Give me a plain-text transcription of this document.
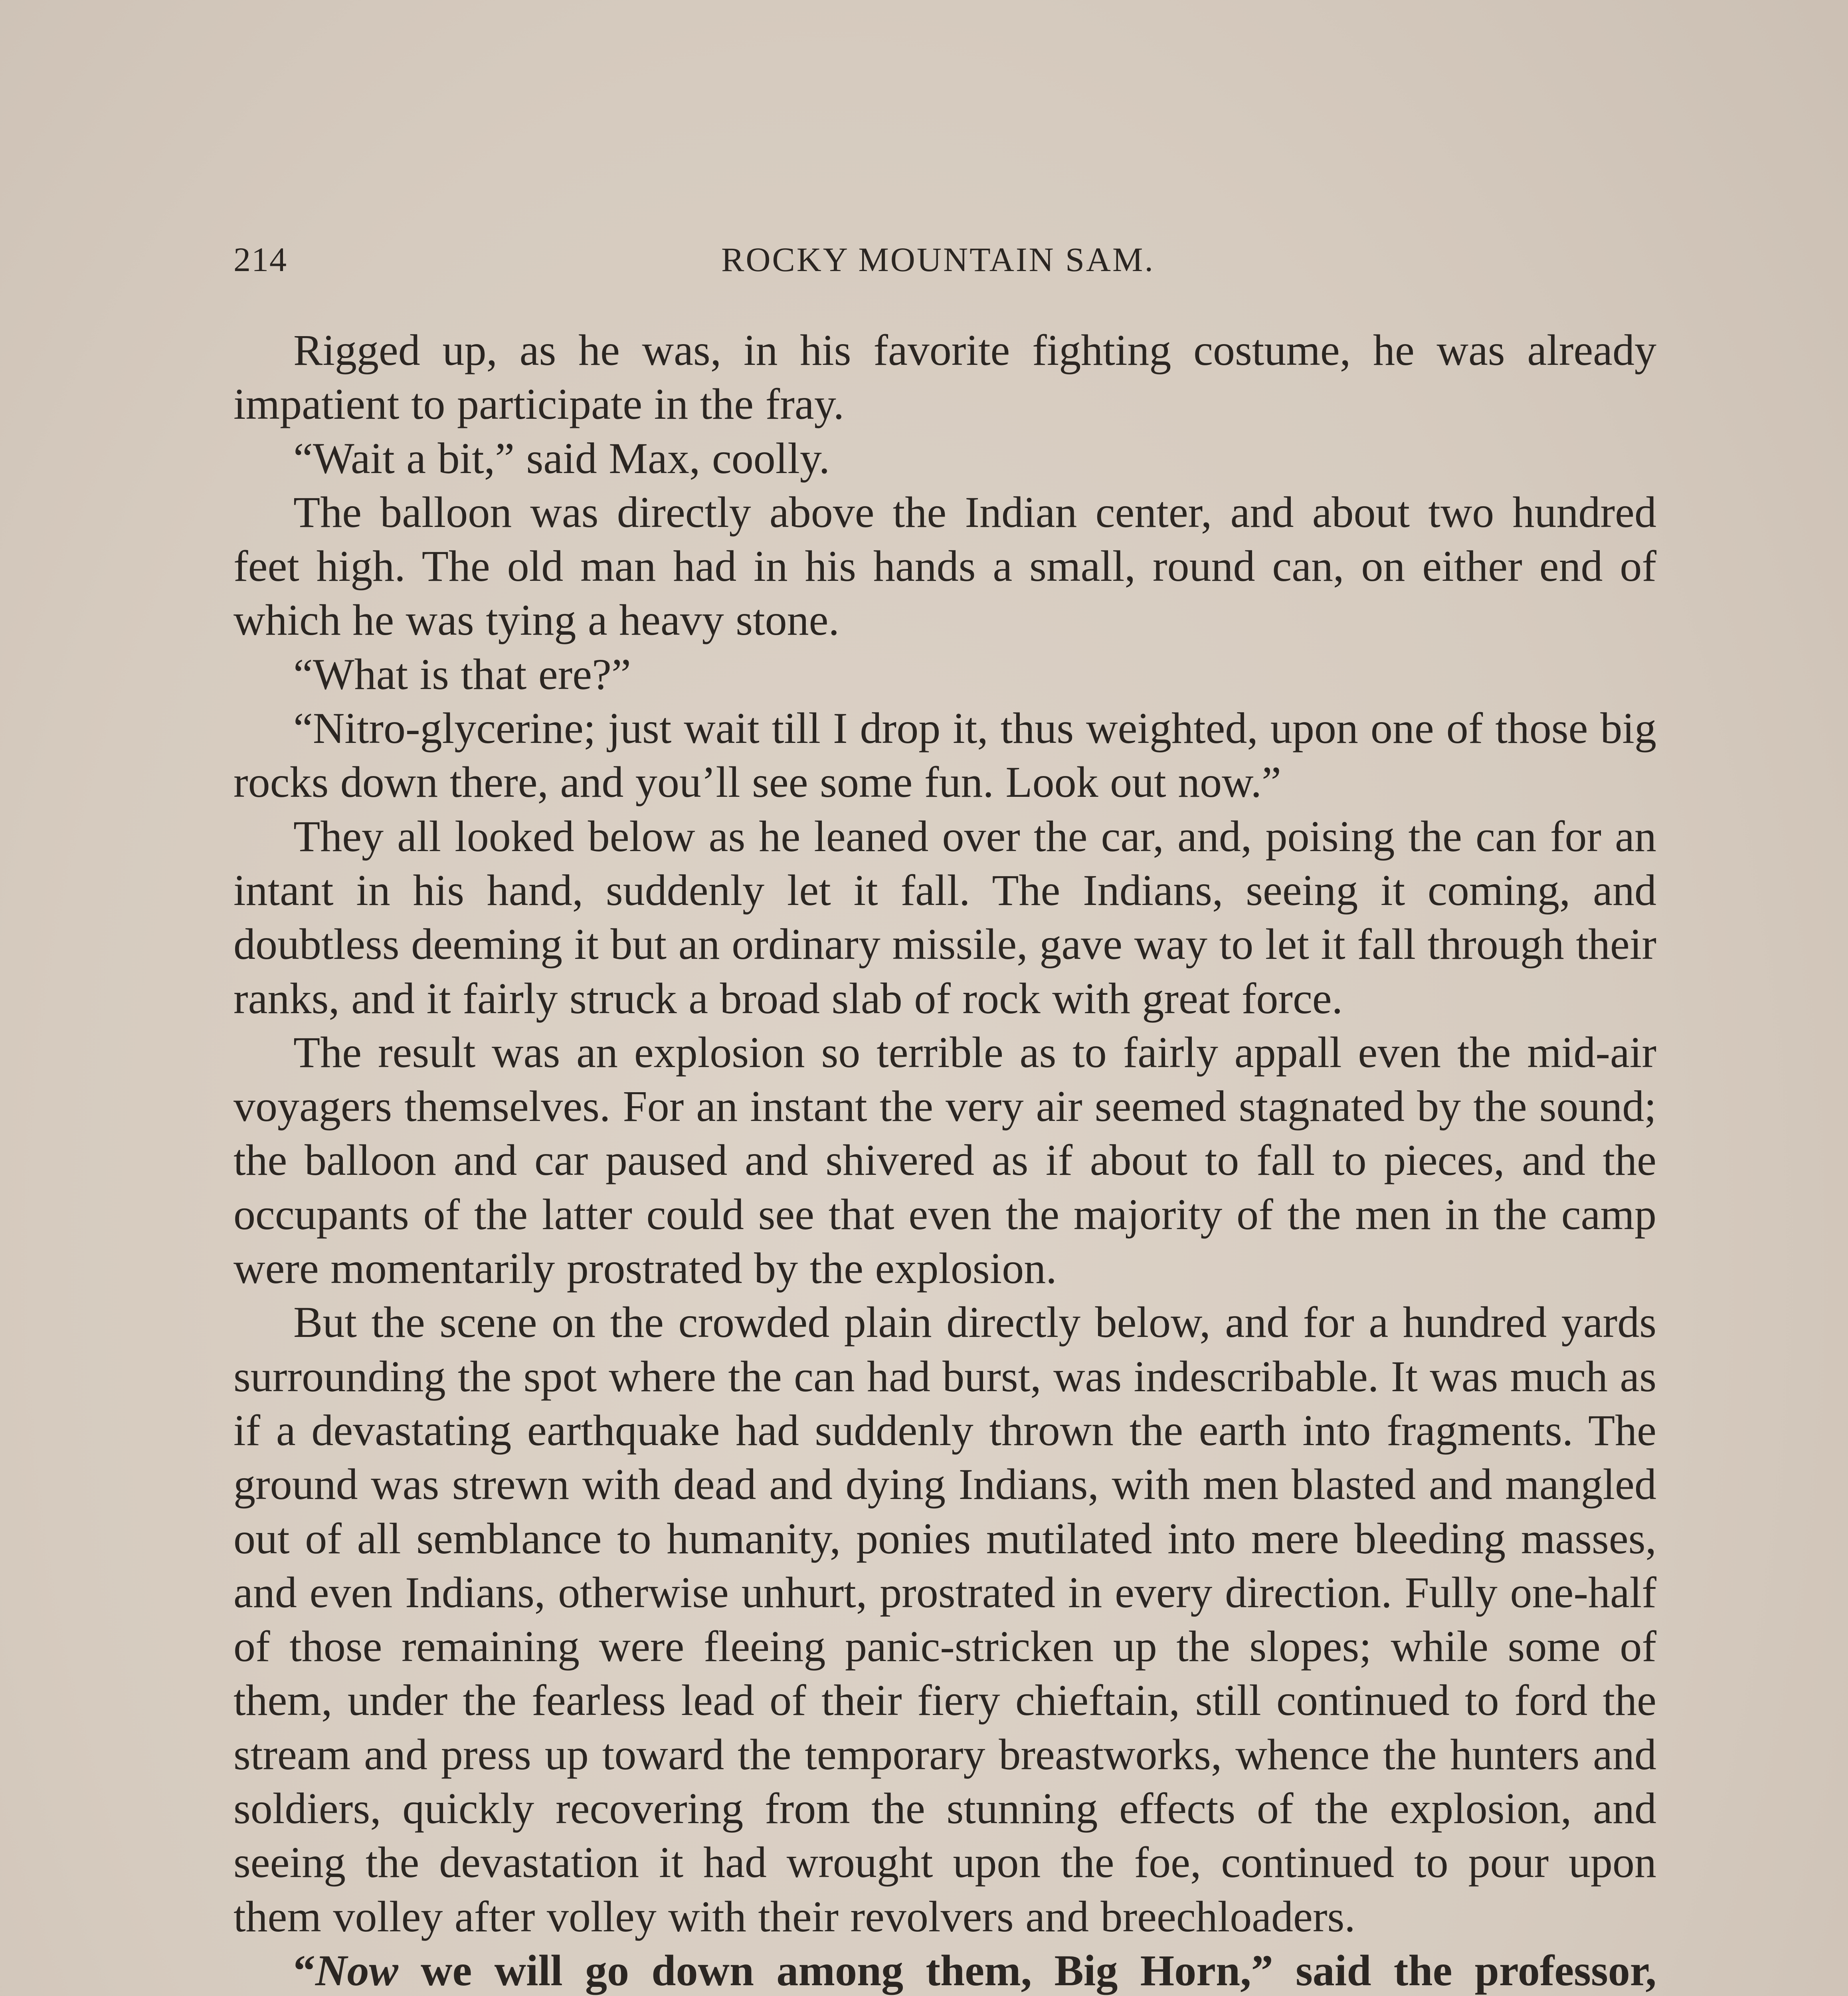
214	ROCKY MOUNTAIN SAM.

Rigged up, as he was, in his favorite fighting costume, he was already impatient to participate in the fray.

“Wait a bit,” said Max, coolly.

The balloon was directly above the Indian center, and about two hundred feet high. The old man had in his hands a small, round can, on either end of which he was tying a heavy stone.

“What is that ere?”

“Nitro-glycerine; just wait till I drop it, thus weighted, upon one of those big rocks down there, and you’ll see some fun. Look out now.”

They all looked below as he leaned over the car, and, poising the can for an intant in his hand, suddenly let it fall. The Indians, seeing it coming, and doubtless deeming it but an ordinary missile, gave way to let it fall through their ranks, and it fairly struck a broad slab of rock with great force.

The result was an explosion so terrible as to fairly appall even the mid-air voyagers themselves. For an instant the very air seemed stagnated by the sound; the balloon and car paused and shivered as if about to fall to pieces, and the occupants of the latter could see that even the majority of the men in the camp were momentarily prostrated by the explosion.

But the scene on the crowded plain directly below, and for a hundred yards surrounding the spot where the can had burst, was indescribable. It was much as if a devastating earthquake had suddenly thrown the earth into fragments. The ground was strewn with dead and dying Indians, with men blasted and mangled out of all semblance to humanity, ponies mutilated into mere bleeding masses, and even Indians, otherwise unhurt, prostrated in every direction. Fully one-half of those remaining were fleeing panic-stricken up the slopes; while some of them, under the fearless lead of their fiery chieftain, still continued to ford the stream and press up toward the temporary breastworks, whence the hunters and soldiers, quickly recovering from the stunning effects of the explosion, and seeing the devastation it had wrought upon the foe, continued to pour upon them volley after volley with their revolvers and breechloaders.

“Now we will go down among them, Big Horn,” said the professor,
